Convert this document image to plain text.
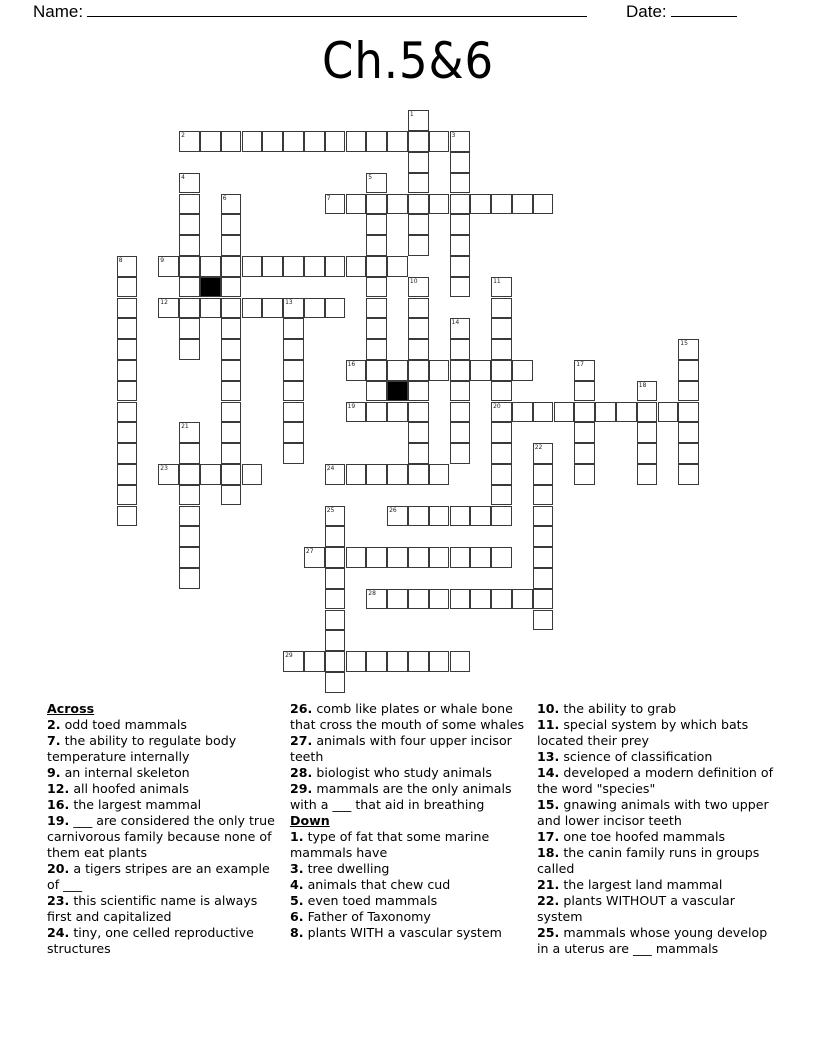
Name:	Date:
Ch.5&6
2	3
7
9
12	13
16
19	20
23	24
26
27
28
29
1
4	5
6
8
10	11
14
15
17
18
21
22
25
Across
2. odd toed mammals
7. the ability to regulate body temperature internally
9. an internal skeleton
12. all hoofed animals
16. the largest mammal
19. ___ are considered the only true carnivorous family because none of them eat plants
20. a tigers stripes are an example of ___
23. this scientific name is always first and capitalized
24. tiny, one celled reproductive structures
26. comb like plates or whale bone that cross the mouth of some whales
27. animals with four upper incisor teeth
28. biologist who study animals
29. mammals are the only animals with a ___ that aid in breathing
Down
1. type of fat that some marine mammals have
3. tree dwelling
4. animals that chew cud
5. even toed mammals
6. Father of Taxonomy
8. plants WITH a vascular system
10. the ability to grab
11. special system by which bats located their prey
13. science of classification
14. developed a modern definition of the word "species"
15. gnawing animals with two upper and lower incisor teeth
17. one toe hoofed mammals
18. the canin family runs in groups called
21. the largest land mammal
22. plants WITHOUT a vascular system
25. mammals whose young develop in a uterus are ___ mammals
